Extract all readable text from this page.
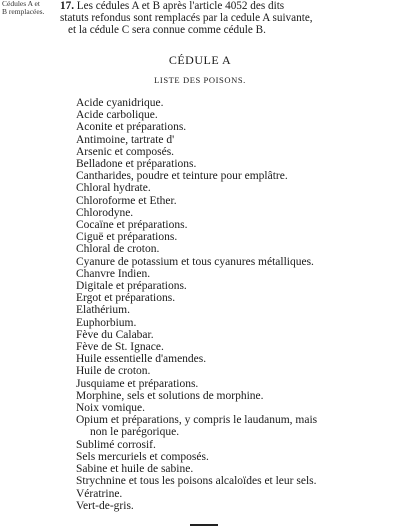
Cédules A et
B remplacées.	17. Les cédules A et B après l'article 4052 des dits
statuts refondus sont remplacés par la cedule A suivante,
et la cédule C sera connue comme cédule B.
CÉDULE A
LISTE DES POISONS.
Acide cyanidrique.
Acide carbolique.
Aconite et préparations.
Antimoine, tartrate d'
Arsenic et composés.
Belladone et préparations.
Cantharides, poudre et teinture pour emplâtre.
Chloral hydrate.
Chloroforme et Ether.
Chlorodyne.
Cocaïne et préparations.
Ciguë et préparations.
Chloral de croton.
Cyanure de potassium et tous cyanures métalliques.
Chanvre Indien.
Digitale et préparations.
Ergot et préparations.
Elathérium.
Euphorbium.
Fève du Calabar.
Fève de St. Ignace.
Huile essentielle d'amendes.
Huile de croton.
Jusquiame et préparations.
Morphine, sels et solutions de morphine.
Noix vomique.
Opium et préparations, y compris le laudanum, mais
non le parégorique.
Sublimé corrosif.
Sels mercuriels et composés.
Sabine et huile de sabine.
Strychnine et tous les poisons alcaloïdes et leur sels.
Vératrine.
Vert-de-gris.
